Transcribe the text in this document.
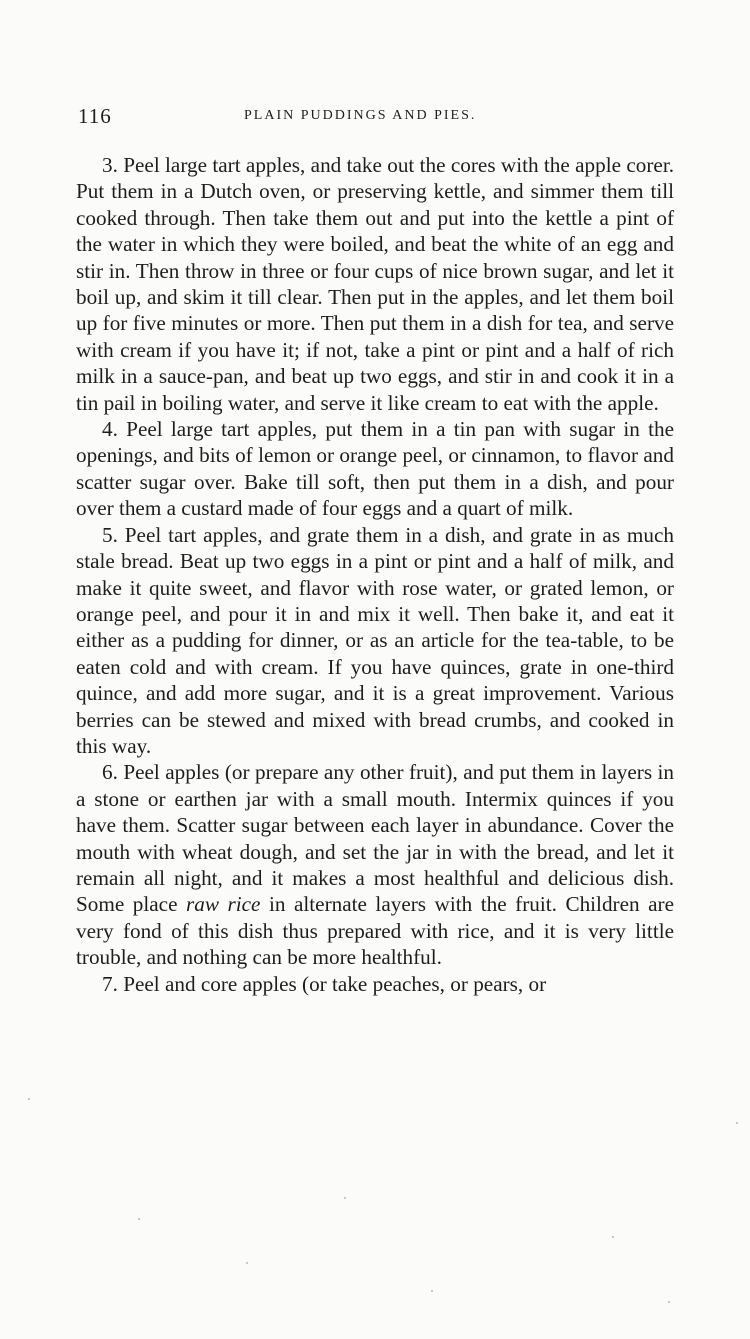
116	PLAIN PUDDINGS AND PIES.

3. Peel large tart apples, and take out the cores with the apple corer. Put them in a Dutch oven, or preserving kettle, and simmer them till cooked through. Then take them out and put into the kettle a pint of the water in which they were boiled, and beat the white of an egg and stir in. Then throw in three or four cups of nice brown sugar, and let it boil up, and skim it till clear. Then put in the apples, and let them boil up for five minutes or more. Then put them in a dish for tea, and serve with cream if you have it; if not, take a pint or pint and a half of rich milk in a sauce-pan, and beat up two eggs, and stir in and cook it in a tin pail in boiling water, and serve it like cream to eat with the apple.

4. Peel large tart apples, put them in a tin pan with sugar in the openings, and bits of lemon or orange peel, or cinnamon, to flavor and scatter sugar over. Bake till soft, then put them in a dish, and pour over them a custard made of four eggs and a quart of milk.

5. Peel tart apples, and grate them in a dish, and grate in as much stale bread. Beat up two eggs in a pint or pint and a half of milk, and make it quite sweet, and flavor with rose water, or grated lemon, or orange peel, and pour it in and mix it well. Then bake it, and eat it either as a pudding for dinner, or as an article for the tea-table, to be eaten cold and with cream. If you have quinces, grate in one-third quince, and add more sugar, and it is a great improvement. Various berries can be stewed and mixed with bread crumbs, and cooked in this way.

6. Peel apples (or prepare any other fruit), and put them in layers in a stone or earthen jar with a small mouth. Intermix quinces if you have them. Scatter sugar between each layer in abundance. Cover the mouth with wheat dough, and set the jar in with the bread, and let it remain all night, and it makes a most healthful and delicious dish. Some place raw rice in alternate layers with the fruit. Children are very fond of this dish thus prepared with rice, and it is very little trouble, and nothing can be more healthful.

7. Peel and core apples (or take peaches, or pears, or
